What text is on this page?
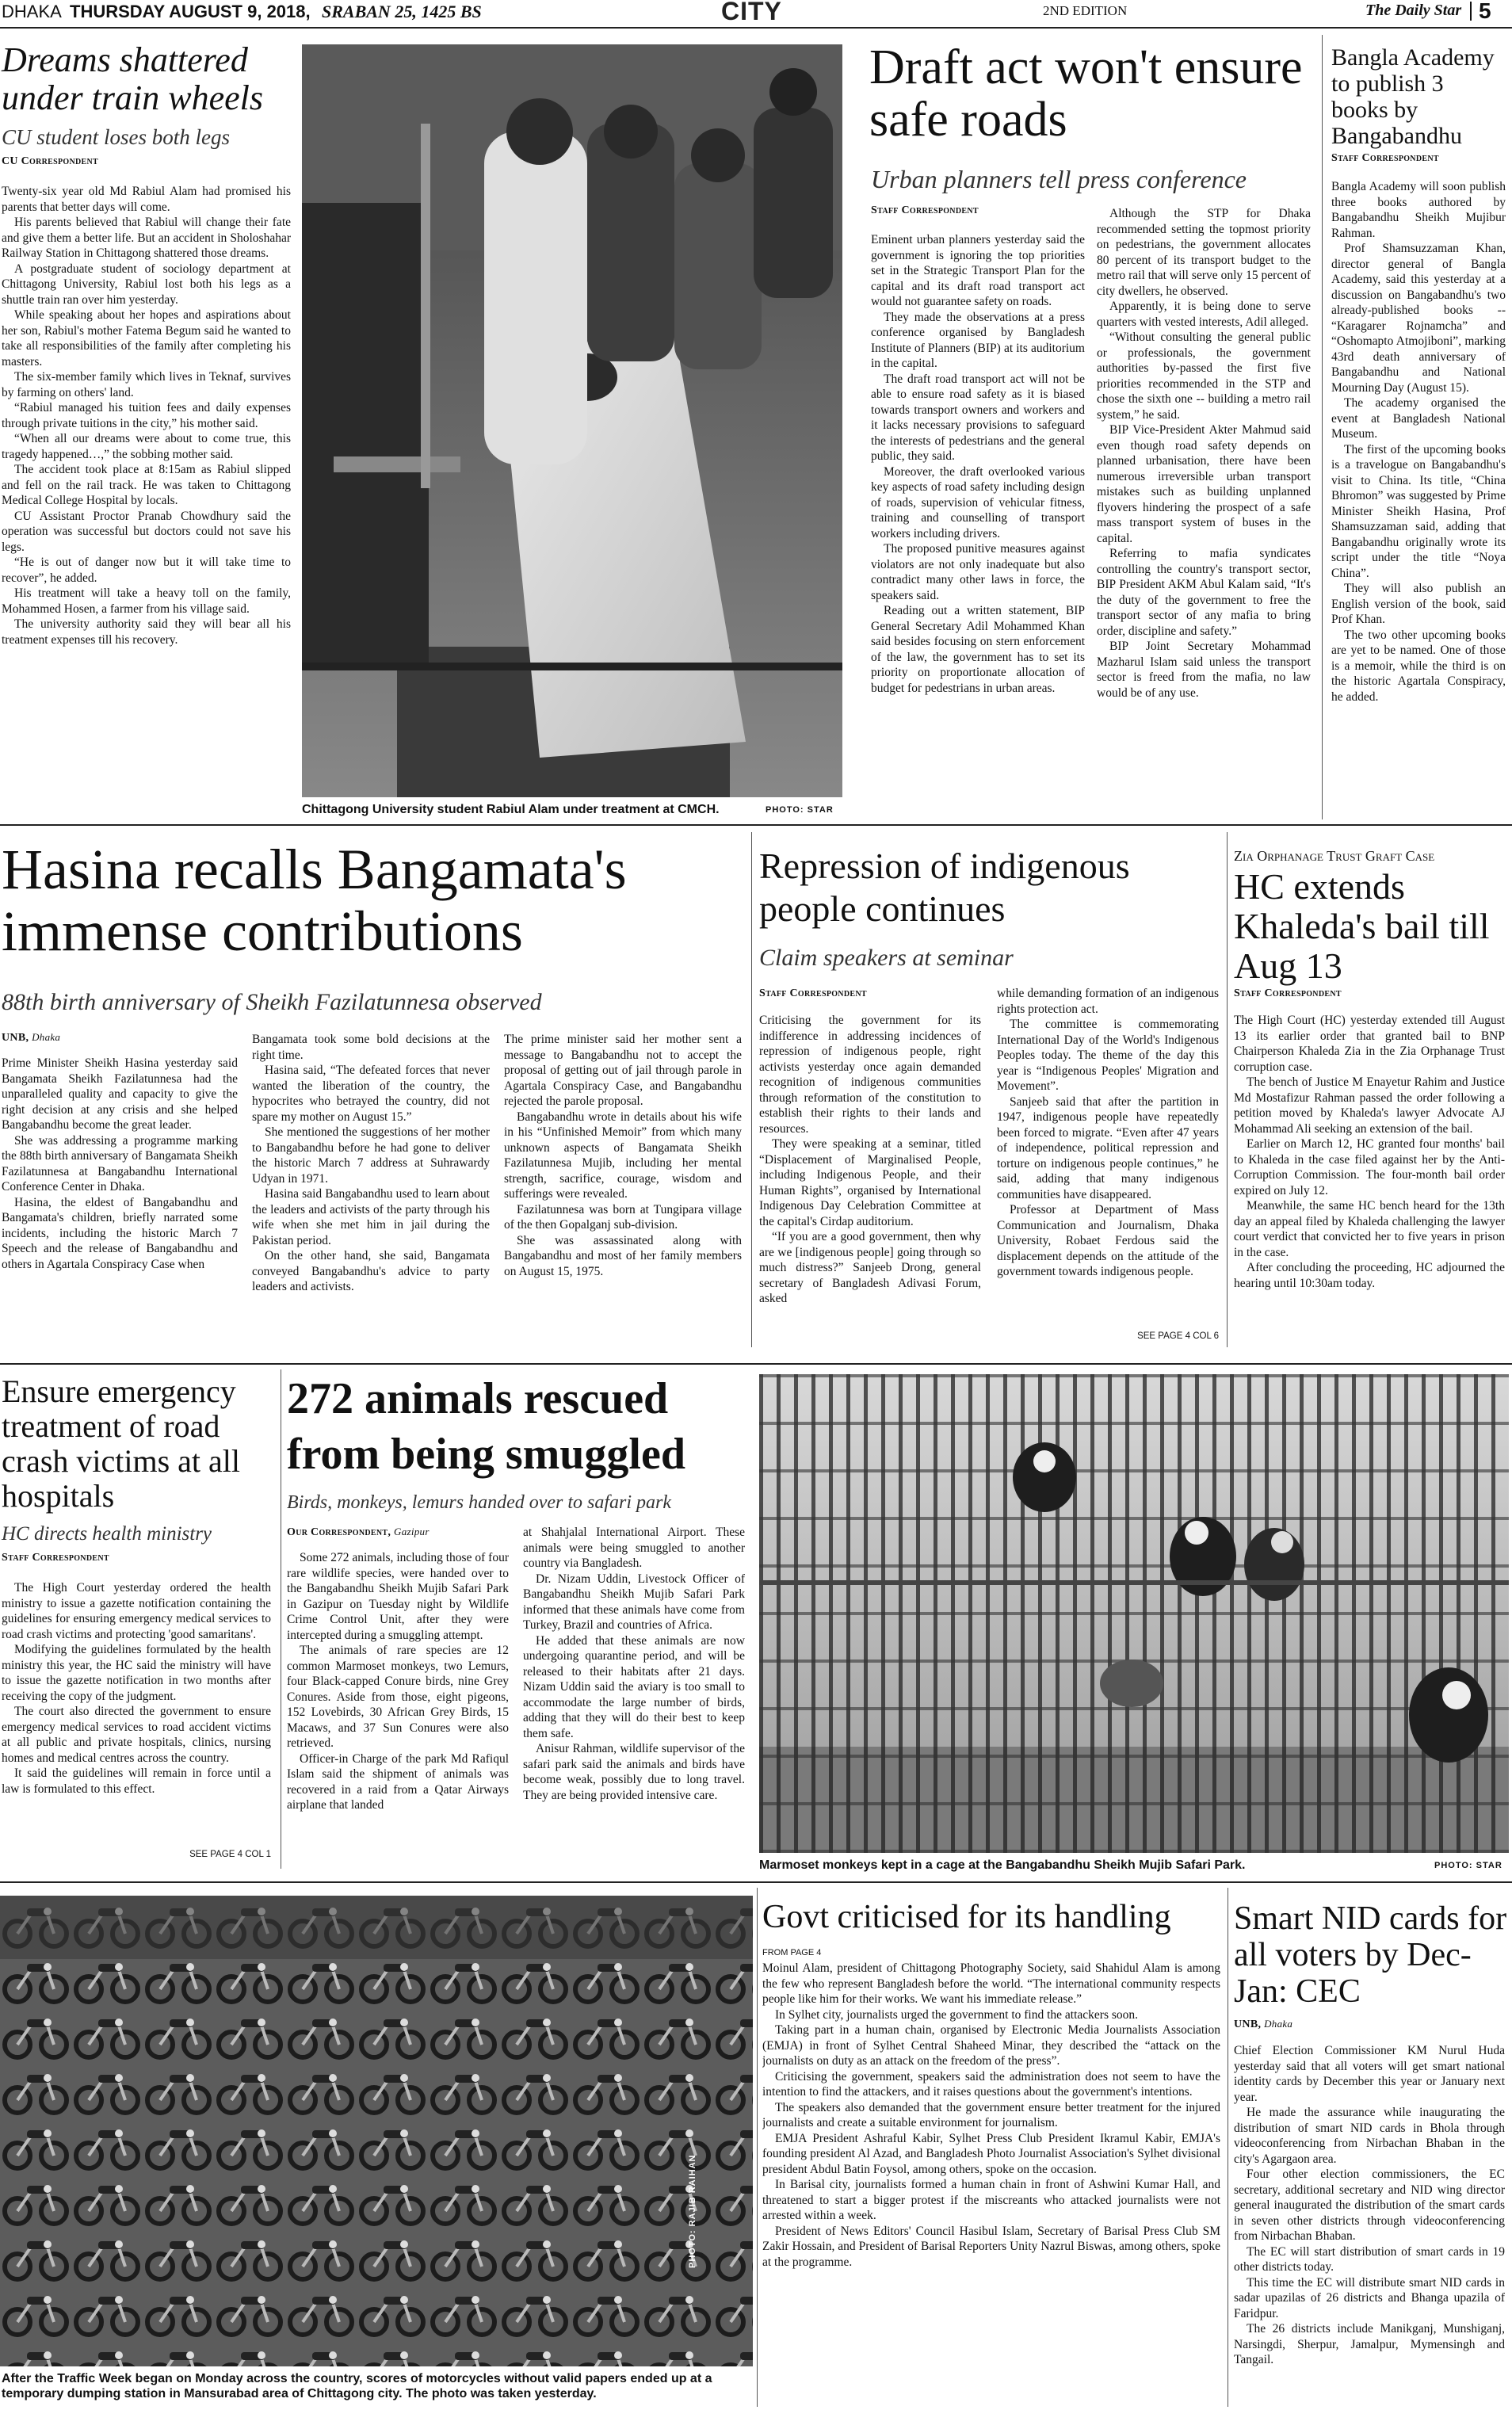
DHAKA THURSDAY AUGUST 9, 2018, SRABAN 25, 1425 BS	CITY	2ND EDITION	The Daily Star 5
Dreams shattered under train wheels
CU student loses both legs
CU Correspondent

Twenty-six year old Md Rabiul Alam had promised his parents that better days will come.

His parents believed that Rabiul will change their fate and give them a better life. But an accident in Sholoshahar Railway Station in Chittagong shattered those dreams.

A postgraduate student of sociology department at Chittagong University, Rabiul lost both his legs as a shuttle train ran over him yesterday.

While speaking about her hopes and aspirations about her son, Rabiul's mother Fatema Begum said he wanted to take all responsibilities of the family after completing his masters.

The six-member family which lives in Teknaf, survives by farming on others' land.

“Rabiul managed his tuition fees and daily expenses through private tuitions in the city,” his mother said.

“When all our dreams were about to come true, this tragedy happened…,” the sobbing mother said.

The accident took place at 8:15am as Rabiul slipped and fell on the rail track. He was taken to Chittagong Medical College Hospital by locals.

CU Assistant Proctor Pranab Chowdhury said the operation was successful but doctors could not save his legs.

“He is out of danger now but it will take time to recover”, he added.

His treatment will take a heavy toll on the family, Mohammed Hosen, a farmer from his village said.

The university authority said they will bear all his treatment expenses till his recovery.

Chittagong University student Rabiul Alam under treatment at CMCH.	PHOTO: STAR
Draft act won't ensure safe roads
Urban planners tell press conference
Staff Correspondent

Eminent urban planners yesterday said the government is ignoring the top priorities set in the Strategic Transport Plan for the capital and its draft road transport act would not guarantee safety on roads.

They made the observations at a press conference organised by Bangladesh Institute of Planners (BIP) at its auditorium in the capital.

The draft road transport act will not be able to ensure road safety as it is biased towards transport owners and workers and it lacks necessary provisions to safeguard the interests of pedestrians and the general public, they said.

Moreover, the draft overlooked various key aspects of road safety including design of roads, supervision of vehicular fitness, training and counselling of transport workers including drivers.

The proposed punitive measures against violators are not only inadequate but also contradict many other laws in force, the speakers said.

Reading out a written statement, BIP General Secretary Adil Mohammed Khan said besides focusing on stern enforcement of the law, the government has to set its priority on proportionate allocation of budget for pedestrians in urban areas.

Although the STP for Dhaka recommended setting the topmost priority on pedestrians, the government allocates 80 percent of its transport budget to the metro rail that will serve only 15 percent of city dwellers, he observed.

Apparently, it is being done to serve quarters with vested interests, Adil alleged.

“Without consulting the general public or professionals, the government authorities by-passed the first five priorities recommended in the STP and chose the sixth one -- building a metro rail system,” he said.

BIP Vice-President Akter Mahmud said even though road safety depends on planned urbanisation, there have been numerous irreversible urban transport mistakes such as building unplanned flyovers hindering the prospect of a safe mass transport system of buses in the capital.

Referring to mafia syndicates controlling the country's transport sector, BIP President AKM Abul Kalam said, “It's the duty of the government to free the transport sector of any mafia to bring order, discipline and safety.”

BIP Joint Secretary Mohammad Mazharul Islam said unless the transport sector is freed from the mafia, no law would be of any use.

Bangla Academy to publish 3 books by Bangabandhu
Staff Correspondent

Bangla Academy will soon publish three books authored by Bangabandhu Sheikh Mujibur Rahman.

Prof Shamsuzzaman Khan, director general of Bangla Academy, said this yesterday at a discussion on Bangabandhu's two already-published books -- “Karagarer Rojnamcha” and “Oshomapto Atmojiboni”, marking 43rd death anniversary of Bangabandhu and National Mourning Day (August 15).

The academy organised the event at Bangladesh National Museum.

The first of the upcoming books is a travelogue on Bangabandhu's visit to China. Its title, “China Bhromon” was suggested by Prime Minister Sheikh Hasina, Prof Shamsuzzaman said, adding that Bangabandhu originally wrote its script under the title “Noya China”.

They will also publish an English version of the book, said Prof Khan.

The two other upcoming books are yet to be named. One of those is a memoir, while the third is on the historic Agartala Conspiracy, he added.

Hasina recalls Bangamata's immense contributions
88th birth anniversary of Sheikh Fazilatunnesa observed
UNB, Dhaka

Prime Minister Sheikh Hasina yesterday said Bangamata Sheikh Fazilatunnesa had the unparalleled quality and capacity to give the right decision at any crisis and she helped Bangabandhu become the great leader.

She was addressing a programme marking the 88th birth anniversary of Bangamata Sheikh Fazilatunnesa at Bangabandhu International Conference Center in Dhaka.

Hasina, the eldest of Bangabandhu and Bangamata's children, briefly narrated some incidents, including the historic March 7 Speech and the release of Bangabandhu and others in Agartala Conspiracy Case when

Bangamata took some bold decisions at the right time.

Hasina said, “The defeated forces that never wanted the liberation of the country, the hypocrites who betrayed the country, did not spare my mother on August 15.”

She mentioned the suggestions of her mother to Bangabandhu before he had gone to deliver the historic March 7 address at Suhrawardy Udyan in 1971.

Hasina said Bangabandhu used to learn about the leaders and activists of the party through his wife when she met him in jail during the Pakistan period.

On the other hand, she said, Bangamata conveyed Bangabandhu's advice to party leaders and activists.

The prime minister said her mother sent a message to Bangabandhu not to accept the proposal of getting out of jail through parole in Agartala Conspiracy Case, and Bangabandhu rejected the parole proposal.

Bangabandhu wrote in details about his wife in his “Unfinished Memoir” from which many unknown aspects of Bangamata Sheikh Fazilatunnesa Mujib, including her mental strength, sacrifice, courage, wisdom and sufferings were revealed.

Fazilatunnesa was born at Tungipara village of the then Gopalganj sub-division.

She was assassinated along with Bangabandhu and most of her family members on August 15, 1975.

Repression of indigenous people continues
Claim speakers at seminar
Staff Correspondent

Criticising the government for its indifference in addressing incidences of repression of indigenous people, right activists yesterday once again demanded recognition of indigenous communities through reformation of the constitution to establish their rights to their lands and resources.

They were speaking at a seminar, titled “Displacement of Marginalised People, including Indigenous People, and their Human Rights”, organised by International Indigenous Day Celebration Committee at the capital's Cirdap auditorium.

“If you are a good government, then why are we [indigenous people] going through so much distress?” Sanjeeb Drong, general secretary of Bangladesh Adivasi Forum, asked

while demanding formation of an indigenous rights protection act.

The committee is commemorating International Day of the World's Indigenous Peoples today. The theme of the day this year is “Indigenous Peoples' Migration and Movement”.

Sanjeeb said that after the partition in 1947, indigenous people have repeatedly been forced to migrate. “Even after 47 years of independence, political repression and torture on indigenous people continues,” he said, adding that many indigenous communities have disappeared.

Professor at Department of Mass Communication and Journalism, Dhaka University, Robaet Ferdous said the displacement depends on the attitude of the government towards indigenous people.

SEE PAGE 4 COL 6
Zia Orphanage Trust Graft Case
HC extends Khaleda's bail till Aug 13
Staff Correspondent

The High Court (HC) yesterday extended till August 13 its earlier order that granted bail to BNP Chairperson Khaleda Zia in the Zia Orphanage Trust corruption case.

The bench of Justice M Enayetur Rahim and Justice Md Mostafizur Rahman passed the order following a petition moved by Khaleda's lawyer Advocate AJ Mohammad Ali seeking an extension of the bail.

Earlier on March 12, HC granted four months' bail to Khaleda in the case filed against her by the Anti-Corruption Commission. The four-month bail order expired on July 12.

Meanwhile, the same HC bench heard for the 13th day an appeal filed by Khaleda challenging the lawyer court verdict that convicted her to five years in prison in the case.

After concluding the proceeding, HC adjourned the hearing until 10:30am today.

Ensure emergency treatment of road crash victims at all hospitals
HC directs health ministry
Staff Correspondent

The High Court yesterday ordered the health ministry to issue a gazette notification containing the guidelines for ensuring emergency medical services to road crash victims and protecting 'good samaritans'.

Modifying the guidelines formulated by the health ministry this year, the HC said the ministry will have to issue the gazette notification in two months after receiving the copy of the judgment.

The court also directed the government to ensure emergency medical services to road accident victims at all public and private hospitals, clinics, nursing homes and medical centres across the country.

It said the guidelines will remain in force until a law is formulated to this effect.

SEE PAGE 4 COL 1
272 animals rescued from being smuggled
Birds, monkeys, lemurs handed over to safari park
Our Correspondent, Gazipur

Some 272 animals, including those of four rare wildlife species, were handed over to the Bangabandhu Sheikh Mujib Safari Park in Gazipur on Tuesday night by Wildlife Crime Control Unit, after they were intercepted during a smuggling attempt.

The animals of rare species are 12 common Marmoset monkeys, two Lemurs, four Black-capped Conure birds, nine Grey Conures. Aside from those, eight pigeons, 152 Lovebirds, 30 African Grey Birds, 15 Macaws, and 37 Sun Conures were also retrieved.

Officer-in Charge of the park Md Rafiqul Islam said the shipment of animals was recovered in a raid from a Qatar Airways airplane that landed

at Shahjalal International Airport. These animals were being smuggled to another country via Bangladesh.

Dr. Nizam Uddin, Livestock Officer of Bangabandhu Sheikh Mujib Safari Park informed that these animals have come from Turkey, Brazil and countries of Africa.

He added that these animals are now undergoing quarantine period, and will be released to their habitats after 21 days. Nizam Uddin said the aviary is too small to accommodate the large number of birds, adding that they will do their best to keep them safe.

Anisur Rahman, wildlife supervisor of the safari park said the animals and birds have become weak, possibly due to long travel. They are being provided intensive care.

Marmoset monkeys kept in a cage at the Bangabandhu Sheikh Mujib Safari Park.	PHOTO: STAR
PHOTO: RAJIB RAIHAN
After the Traffic Week began on Monday across the country, scores of motorcycles without valid papers ended up at a temporary dumping station in Mansurabad area of Chittagong city. The photo was taken yesterday.
Govt criticised for its handling
FROM PAGE 4

Moinul Alam, president of Chittagong Photography Society, said Shahidul Alam is among the few who represent Bangladesh before the world. “The international community respects people like him for their works. We want his immediate release.”

In Sylhet city, journalists urged the government to find the attackers soon.

Taking part in a human chain, organised by Electronic Media Journalists Association (EMJA) in front of Sylhet Central Shaheed Minar, they described the “attack on the journalists on duty as an attack on the freedom of the press”.

Criticising the government, speakers said the administration does not seem to have the intention to find the attackers, and it raises questions about the government's intentions.

The speakers also demanded that the government ensure better treatment for the injured journalists and create a suitable environment for journalism.

EMJA President Ashraful Kabir, Sylhet Press Club President Ikramul Kabir, EMJA's founding president Al Azad, and Bangladesh Photo Journalist Association's Sylhet divisional president Abdul Batin Foysol, among others, spoke on the occasion.

In Barisal city, journalists formed a human chain in front of Ashwini Kumar Hall, and threatened to start a bigger protest if the miscreants who attacked journalists were not arrested within a week.

President of News Editors' Council Hasibul Islam, Secretary of Barisal Press Club SM Zakir Hossain, and President of Barisal Reporters Unity Nazrul Biswas, among others, spoke at the programme.

Smart NID cards for all voters by Dec-Jan: CEC
UNB, Dhaka

Chief Election Commissioner KM Nurul Huda yesterday said that all voters will get smart national identity cards by December this year or January next year.

He made the assurance while inaugurating the distribution of smart NID cards in Bhola through videoconferencing from Nirbachan Bhaban in the city's Agargaon area.

Four other election commissioners, the EC secretary, additional secretary and NID wing director general inaugurated the distribution of the smart cards in seven other districts through videoconferencing from Nirbachan Bhaban.

The EC will start distribution of smart cards in 19 other districts today.

This time the EC will distribute smart NID cards in sadar upazilas of 26 districts and Bhanga upazila of Faridpur.

The 26 districts include Manikganj, Munshiganj, Narsingdi, Sherpur, Jamalpur, Mymensingh and Tangail.
